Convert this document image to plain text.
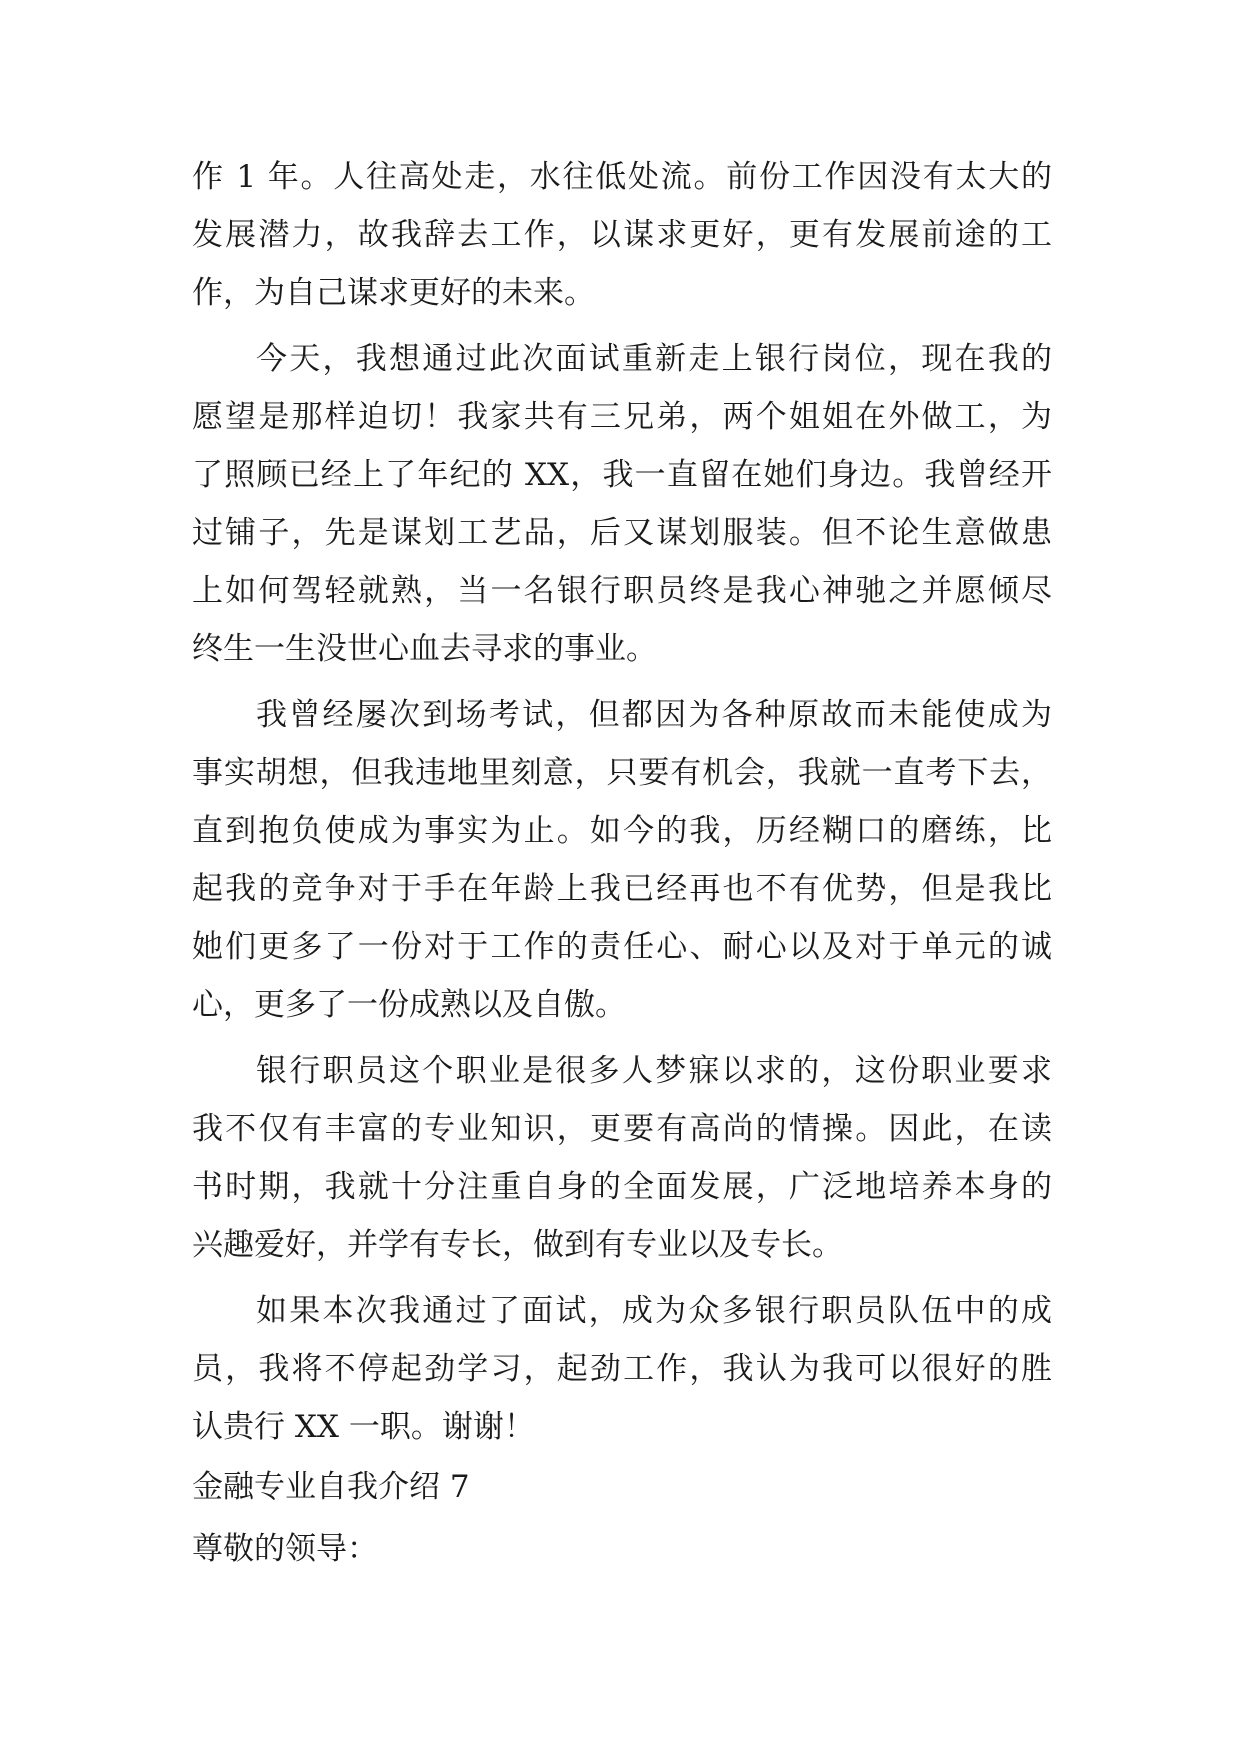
作 1 年。人往高处走，水往低处流。前份工作因没有太大的
发展潜力，故我辞去工作，以谋求更好，更有发展前途的工
作，为自己谋求更好的未来。
今天，我想通过此次面试重新走上银行岗位，现在我的
愿望是那样迫切！我家共有三兄弟，两个姐姐在外做工，为
了照顾已经上了年纪的 XX，我一直留在她们身边。我曾经开
过铺子，先是谋划工艺品，后又谋划服装。但不论生意做患
上如何驾轻就熟，当一名银行职员终是我心神驰之并愿倾尽
终生一生没世心血去寻求的事业。
我曾经屡次到场考试，但都因为各种原故而未能使成为
事实胡想，但我违地里刻意，只要有机会，我就一直考下去，
直到抱负使成为事实为止。如今的我，历经糊口的磨练，比
起我的竞争对于手在年龄上我已经再也不有优势，但是我比
她们更多了一份对于工作的责任心、耐心以及对于单元的诚
心，更多了一份成熟以及自傲。
银行职员这个职业是很多人梦寐以求的，这份职业要求
我不仅有丰富的专业知识，更要有高尚的情操。因此，在读
书时期，我就十分注重自身的全面发展，广泛地培养本身的
兴趣爱好，并学有专长，做到有专业以及专长。
如果本次我通过了面试，成为众多银行职员队伍中的成
员，我将不停起劲学习，起劲工作，我认为我可以很好的胜
认贵行 XX 一职。谢谢！
金融专业自我介绍 7
尊敬的领导：
